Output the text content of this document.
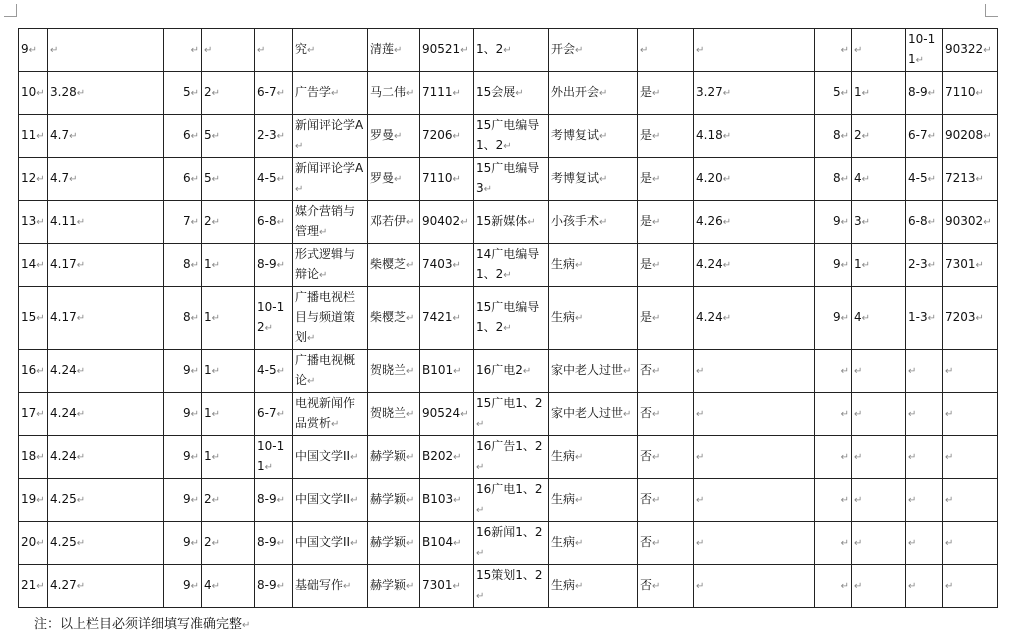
9↵	↵	↵	↵	↵	究↵	清莲↵	90521↵	1、2↵	开会↵	↵	↵	↵	↵	10-11↵	90322↵
10↵	3.28↵	5↵	2↵	6-7↵	广告学↵	马二伟↵	7111↵	15会展↵	外出开会↵	是↵	3.27↵	5↵	1↵	8-9↵	7110↵
11↵	4.7↵	6↵	5↵	2-3↵	新闻评论学A↵	罗曼↵	7206↵	15广电编导1、2↵	考博复试↵	是↵	4.18↵	8↵	2↵	6-7↵	90208↵
12↵	4.7↵	6↵	5↵	4-5↵	新闻评论学A↵	罗曼↵	7110↵	15广电编导3↵	考博复试↵	是↵	4.20↵	8↵	4↵	4-5↵	7213↵
13↵	4.11↵	7↵	2↵	6-8↵	媒介营销与管理↵	邓若伊↵	90402↵	15新媒体↵	小孩手术↵	是↵	4.26↵	9↵	3↵	6-8↵	90302↵
14↵	4.17↵	8↵	1↵	8-9↵	形式逻辑与辩论↵	柴樱芝↵	7403↵	14广电编导1、2↵	生病↵	是↵	4.24↵	9↵	1↵	2-3↵	7301↵
15↵	4.17↵	8↵	1↵	10-12↵	广播电视栏目与频道策划↵	柴樱芝↵	7421↵	15广电编导1、2↵	生病↵	是↵	4.24↵	9↵	4↵	1-3↵	7203↵
16↵	4.24↵	9↵	1↵	4-5↵	广播电视概论↵	贺晓兰↵	B101↵	16广电2↵	家中老人过世↵	否↵	↵	↵	↵	↵	↵
17↵	4.24↵	9↵	1↵	6-7↵	电视新闻作品赏析↵	贺晓兰↵	90524↵	15广电1、2↵	家中老人过世↵	否↵	↵	↵	↵	↵	↵
18↵	4.24↵	9↵	1↵	10-11↵	中国文学II↵	赫学颖↵	B202↵	16广告1、2↵	生病↵	否↵	↵	↵	↵	↵	↵
19↵	4.25↵	9↵	2↵	8-9↵	中国文学II↵	赫学颖↵	B103↵	16广电1、2↵	生病↵	否↵	↵	↵	↵	↵	↵
20↵	4.25↵	9↵	2↵	8-9↵	中国文学II↵	赫学颖↵	B104↵	16新闻1、2↵	生病↵	否↵	↵	↵	↵	↵	↵
21↵	4.27↵	9↵	4↵	8-9↵	基础写作↵	赫学颖↵	7301↵	15策划1、2↵	生病↵	否↵	↵	↵	↵	↵	↵
注：以上栏目必须详细填写准确完整↵
